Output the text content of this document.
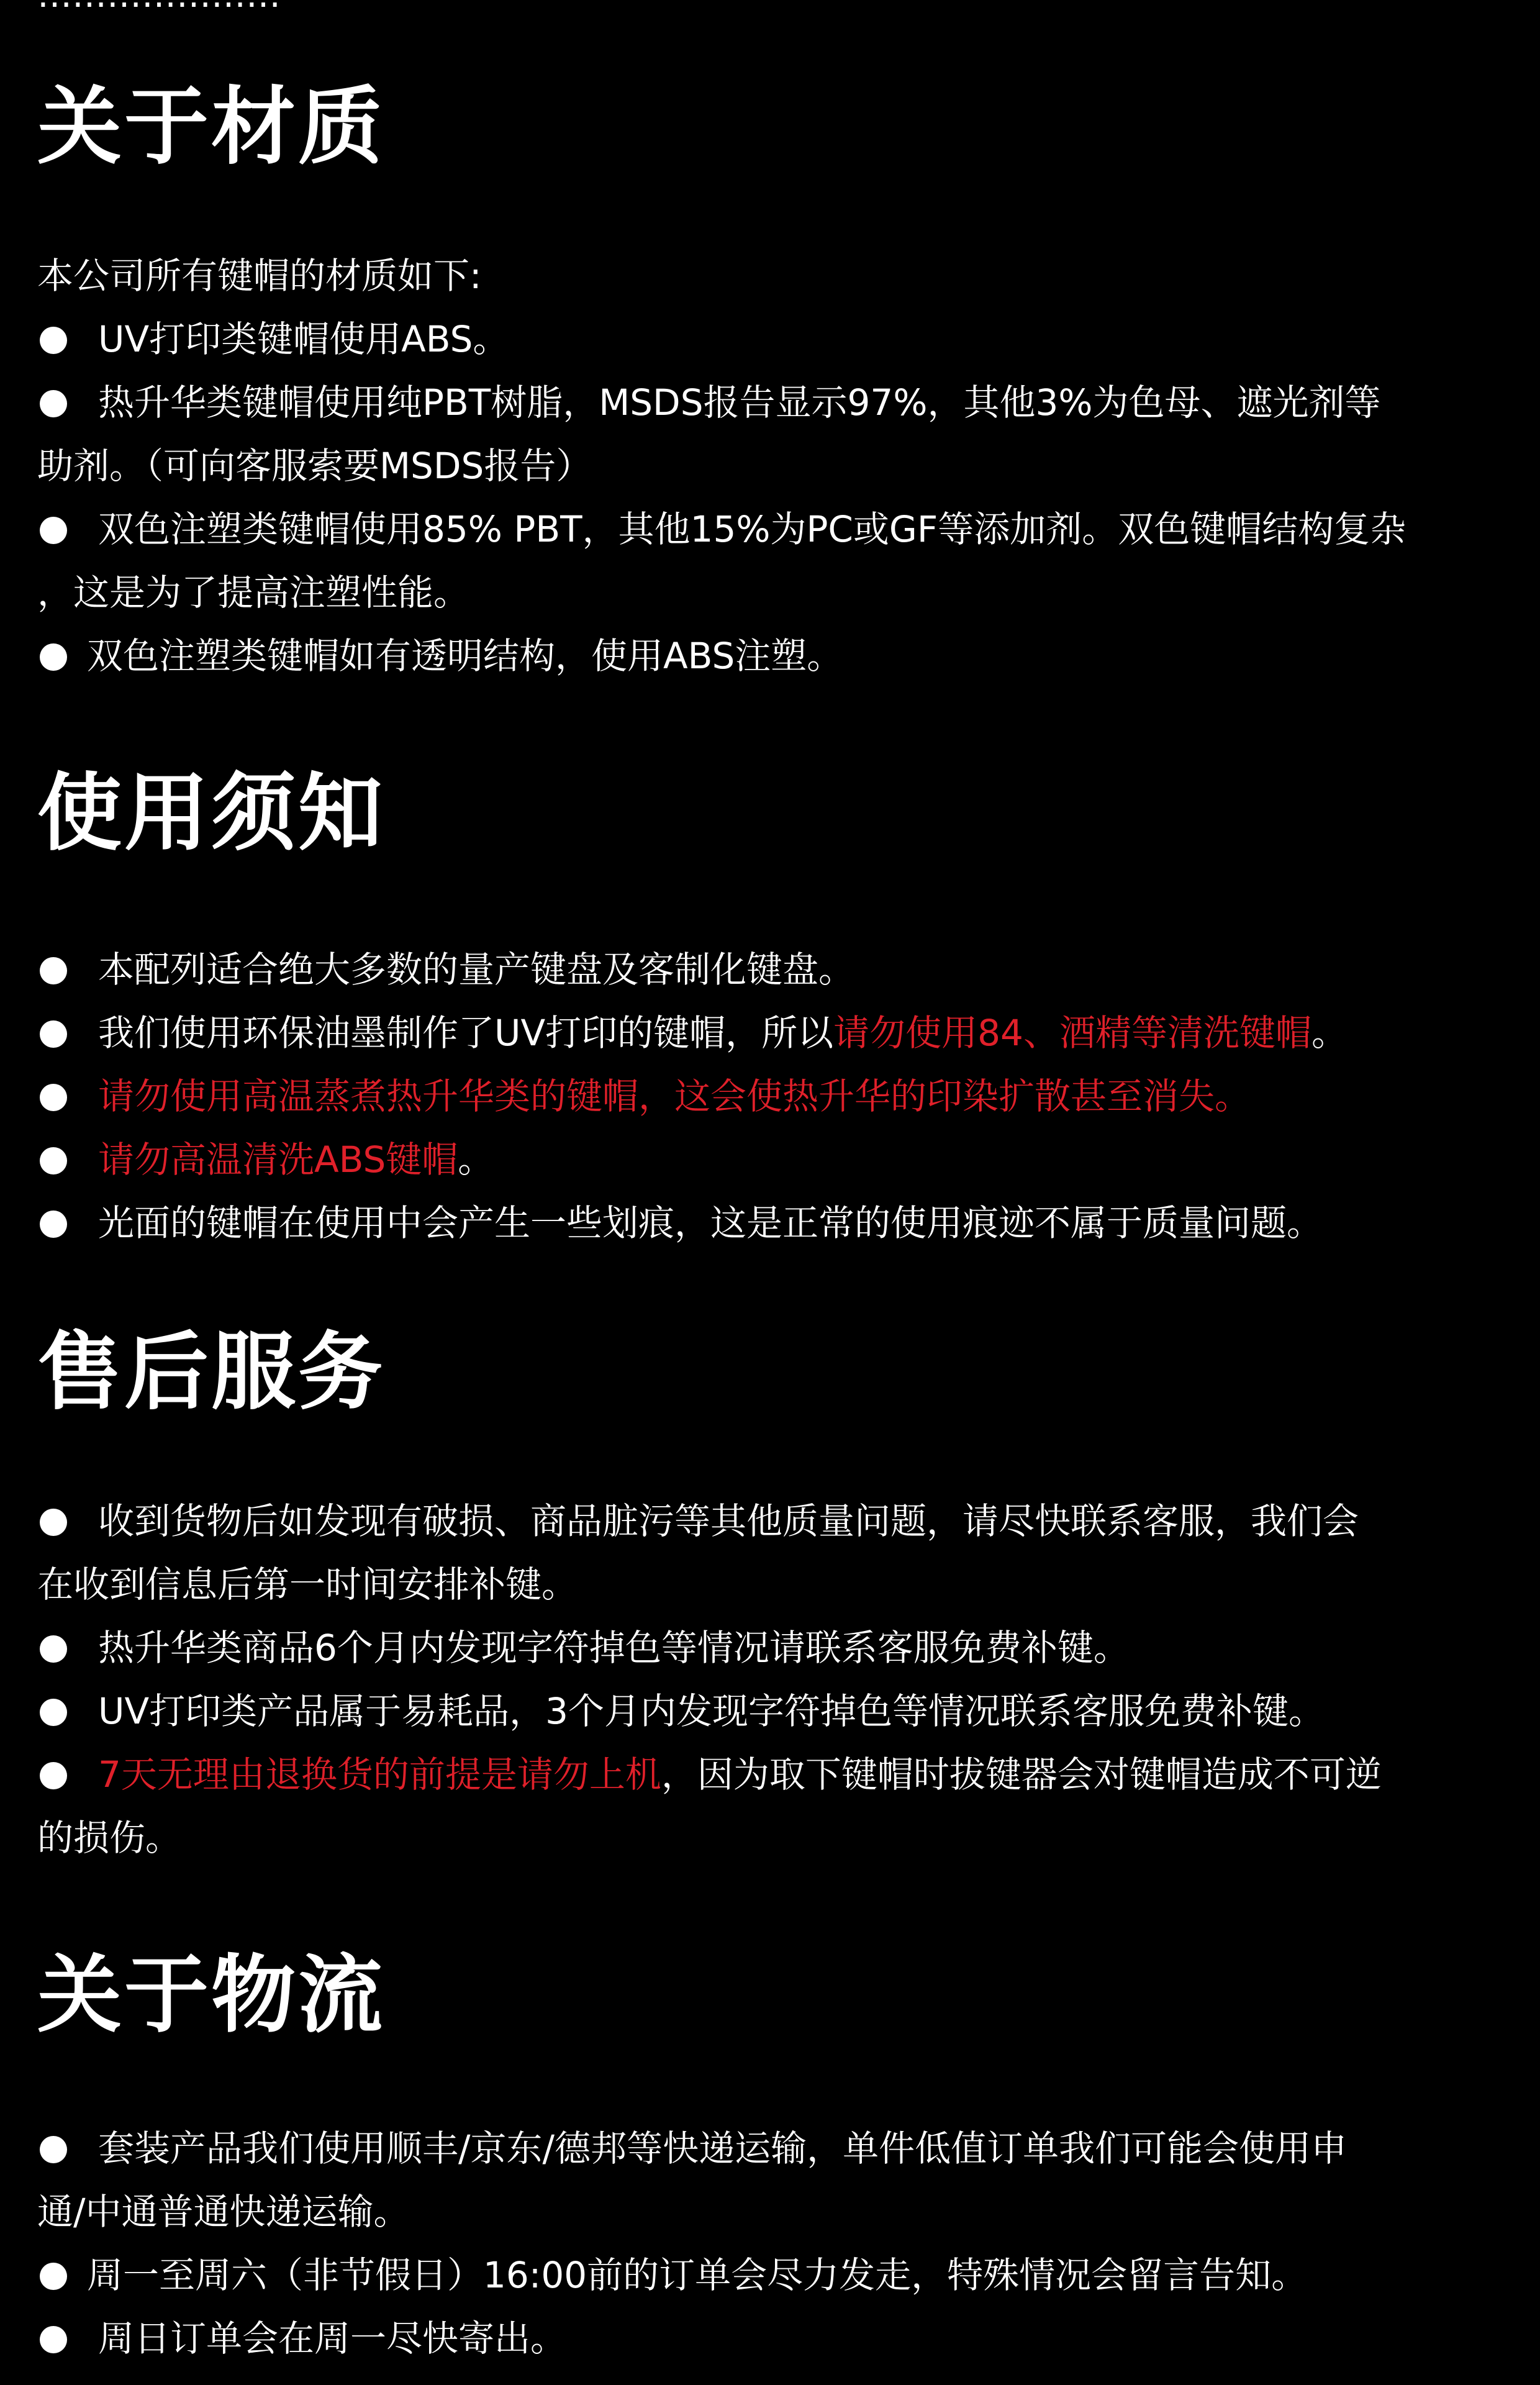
关于材质

本公司所有键帽的材质如下:

UV打印类键帽使用ABS。

热升华类键帽使用纯PBT树脂，MSDS报告显示97%，其他3%为色母、遮光剂等

助剂。（可向客服索要MSDS报告）

双色注塑类键帽使用85% PBT，其他15%为PC或GF等添加剂。双色键帽结构复杂

，这是为了提高注塑性能。

双色注塑类键帽如有透明结构，使用ABS注塑。

使用须知

本配列适合绝大多数的量产键盘及客制化键盘。

我们使用环保油墨制作了UV打印的键帽，所以请勿使用84、酒精等清洗键帽。

请勿使用高温蒸煮热升华类的键帽，这会使热升华的印染扩散甚至消失。

请勿高温清洗ABS键帽。

光面的键帽在使用中会产生一些划痕，这是正常的使用痕迹不属于质量问题。

售后服务

收到货物后如发现有破损、商品脏污等其他质量问题，请尽快联系客服，我们会

在收到信息后第一时间安排补键。

热升华类商品6个月内发现字符掉色等情况请联系客服免费补键。

UV打印类产品属于易耗品，3个月内发现字符掉色等情况联系客服免费补键。

7天无理由退换货的前提是请勿上机，因为取下键帽时拔键器会对键帽造成不可逆

的损伤。

关于物流

套装产品我们使用顺丰/京东/德邦等快递运输，单件低值订单我们可能会使用申

通/中通普通快递运输。

周一至周六（非节假日）16:00前的订单会尽力发走，特殊情况会留言告知。

周日订单会在周一尽快寄出。
